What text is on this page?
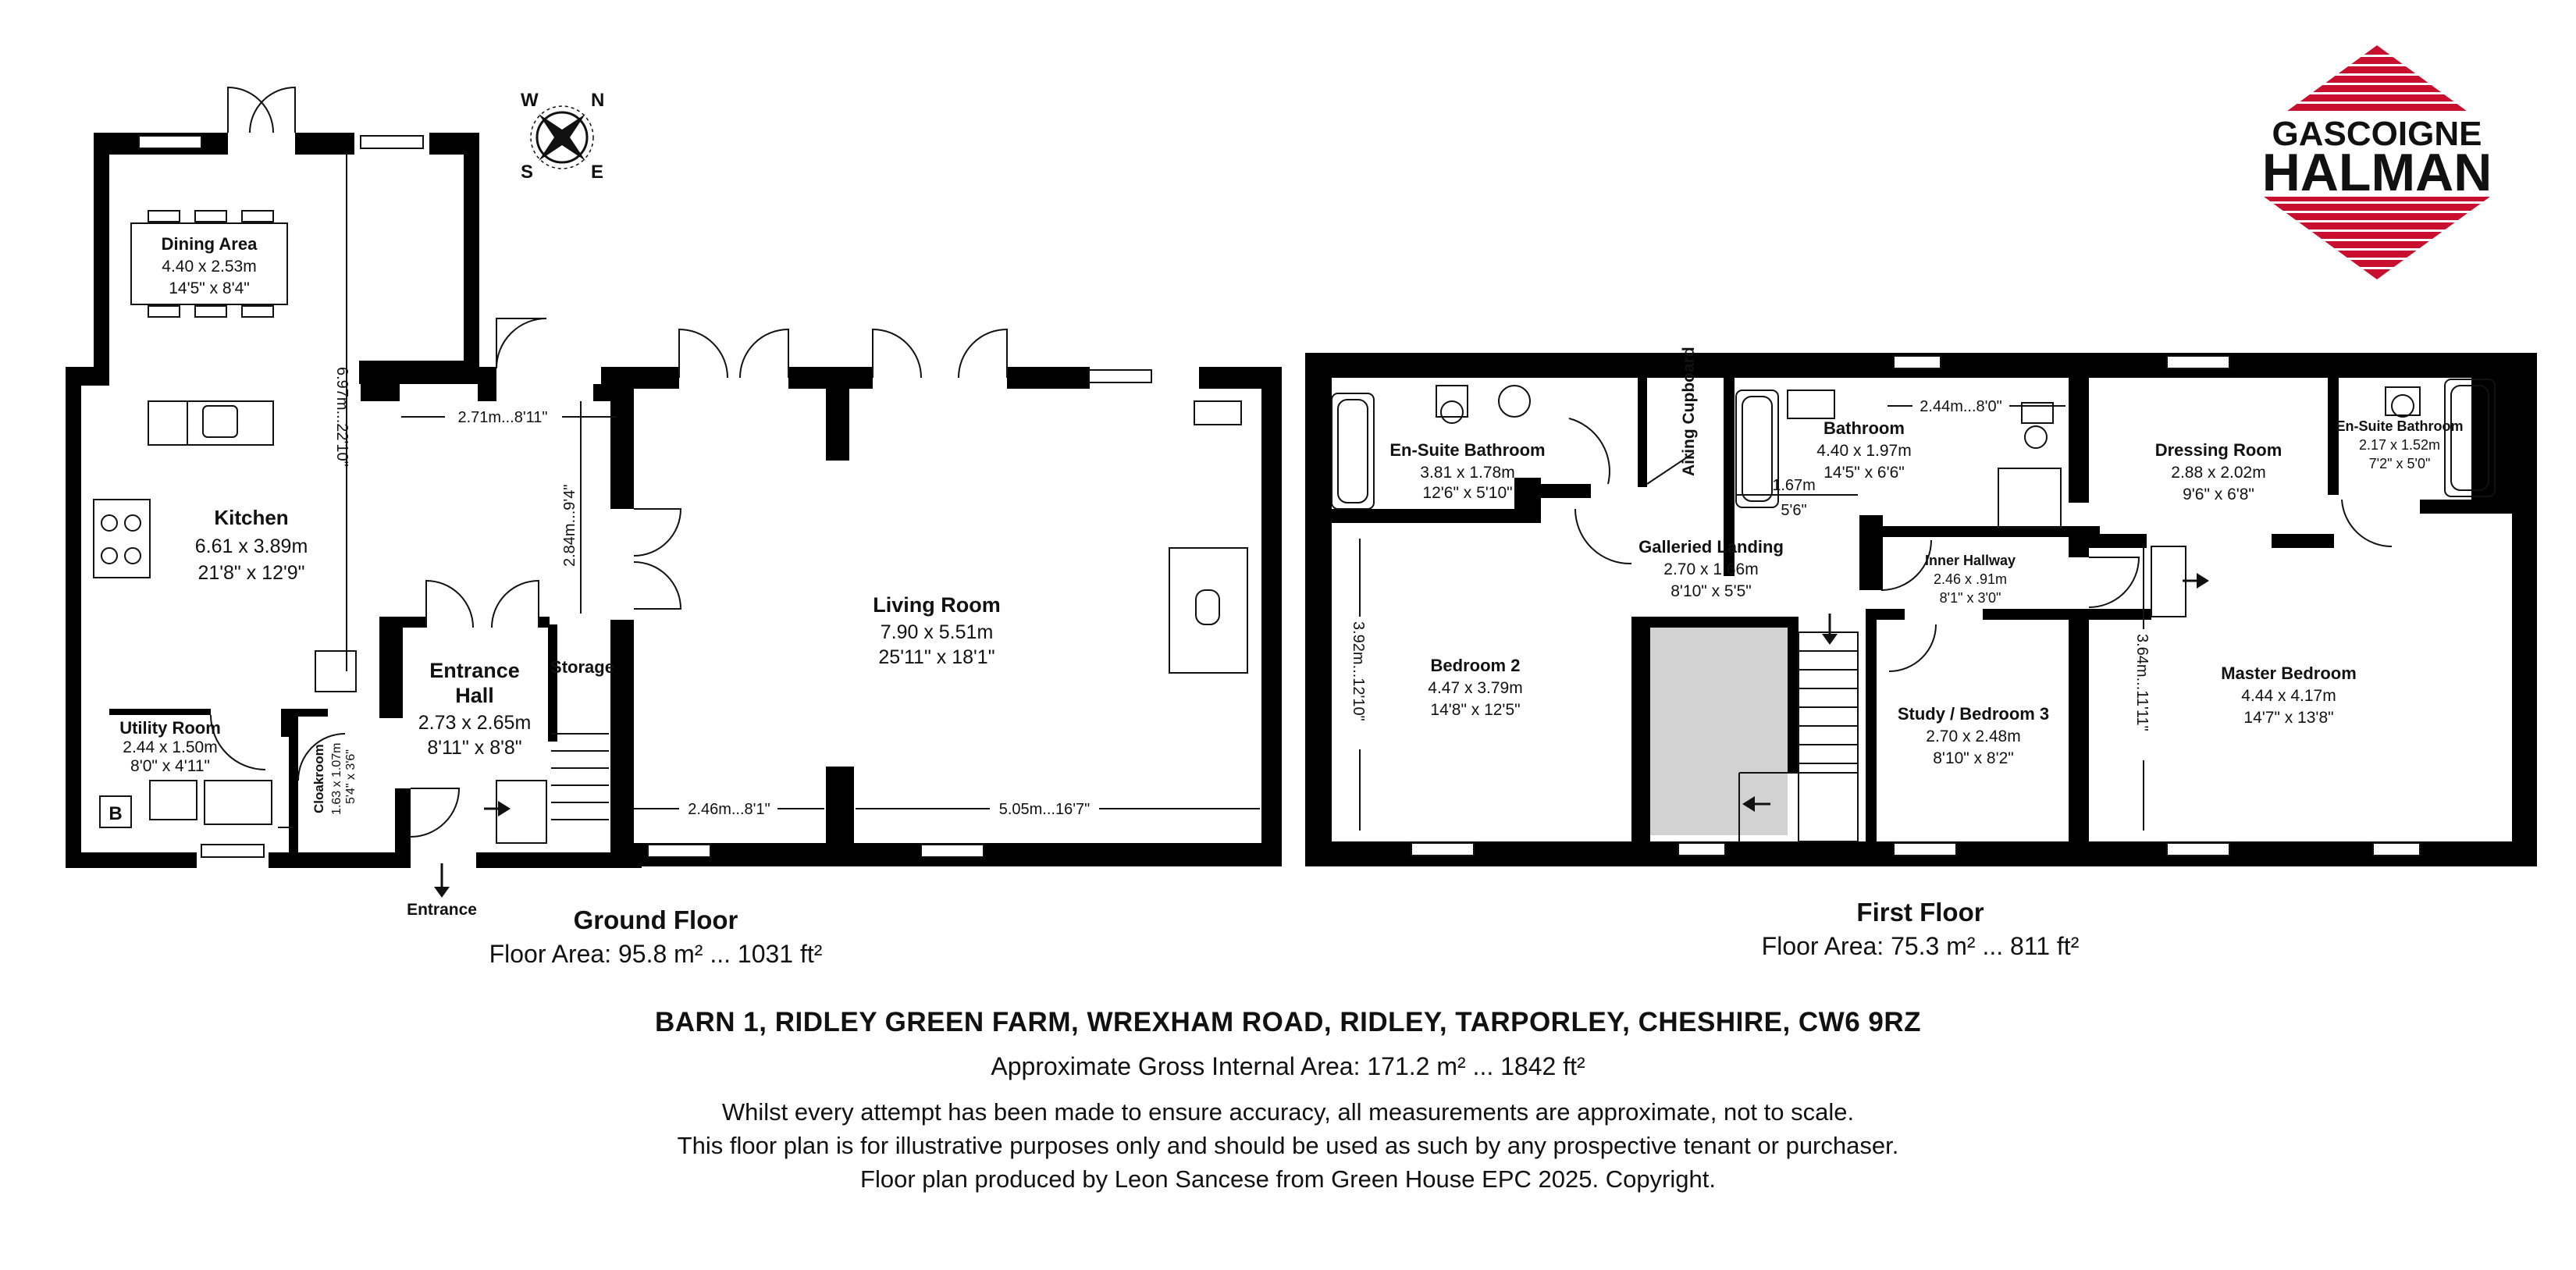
W	N
S	E
Dining Area
4.40 x 2.53m
14'5" x 8'4"
Kitchen
6.61 x 3.89m
21'8" x 12'9"
Utility Room
2.44 x 1.50m
8'0" x 4'11"	Cloakroom 1.63 x 1.07m 5'4" x 3'6"
Entrance
Hall
2.73 x 2.65m
8'11" x 8'8"
Storage
Living Room
7.90 x 5.51m
25'11" x 18'1"
6.97m...22'10"	2.71m...8'11"
2.84m...9'4"
2.46m...8'1"	5.05m...16'7"
Entrance
B
En-Suite Bathroom
3.81 x 1.78m
12'6" x 5'10"
Airing Cupboard	Bathroom
4.40 x 1.97m
14'5" x 6'6"
Dressing Room
2.88 x 2.02m
9'6" x 6'8"
En-Suite Bathroom
2.17 x 1.52m
7'2" x 5'0"
Galleried Landing
2.70 x 1.66m
8'10" x 5'5"
Inner Hallway
2.46 x .91m
8'1" x 3'0"
Bedroom 2
4.47 x 3.79m
14'8" x 12'5"	Study / Bedroom 3
2.70 x 2.48m
8'10" x 8'2"
Master Bedroom
4.44 x 4.17m
14'7" x 13'8"
2.44m...8'0"
1.67m
5'6"
3.92m...12'10"	3.64m...11'11"
GASCOIGNE
HALMAN
Ground Floor
Floor Area: 95.8 m² ... 1031 ft²
First Floor
Floor Area: 75.3 m² ... 811 ft²
BARN 1, RIDLEY GREEN FARM, WREXHAM ROAD, RIDLEY, TARPORLEY, CHESHIRE, CW6 9RZ
Approximate Gross Internal Area: 171.2 m² ... 1842 ft²
Whilst every attempt has been made to ensure accuracy, all measurements are approximate, not to scale.
This floor plan is for illustrative purposes only and should be used as such by any prospective tenant or purchaser.
Floor plan produced by Leon Sancese from Green House EPC 2025. Copyright.
